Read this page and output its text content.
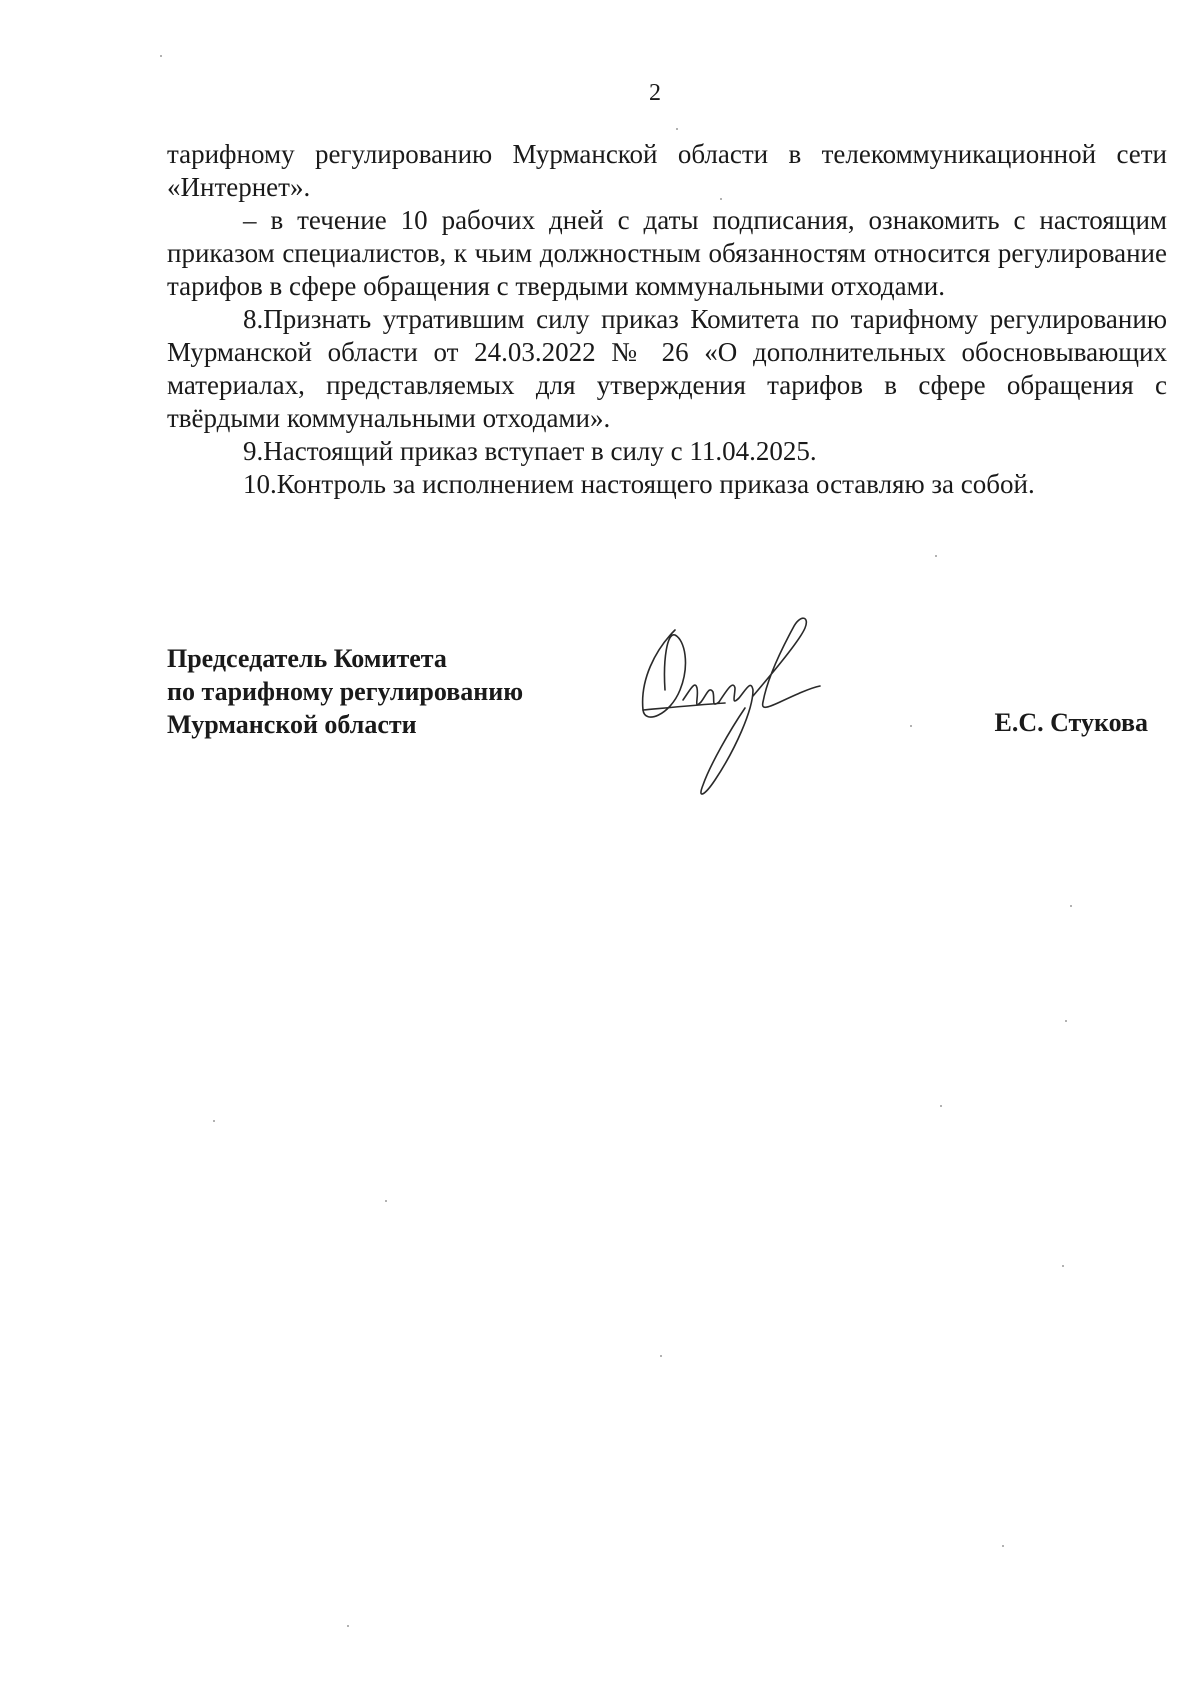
2

тарифному регулированию Мурманской области в телекоммуникационной сети «Интернет».

– в течение 10 рабочих дней с даты подписания, ознакомить с настоящим приказом специалистов, к чьим должностным обязанностям относится регулирование тарифов в сфере обращения с твердыми коммунальными отходами.

8.Признать утратившим силу приказ Комитета по тарифному регулированию Мурманской области от 24.03.2022 № 26 «О дополнительных обосновывающих материалах, представляемых для утверждения тарифов в сфере обращения с твёрдыми коммунальными отходами».

9.Настоящий приказ вступает в силу с 11.04.2025.

10.Контроль за исполнением настоящего приказа оставляю за собой.

Председатель Комитета
по тарифному регулированию
Мурманской области	Е.С. Стукова
